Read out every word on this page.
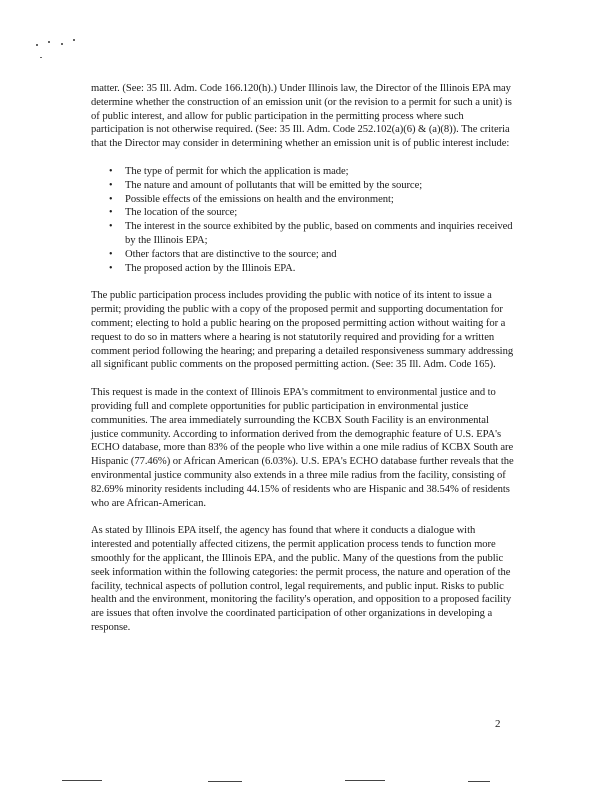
matter. (See: 35 Ill. Adm. Code 166.120(h).) Under Illinois law, the Director of the Illinois EPA may determine whether the construction of an emission unit (or the revision to a permit for such a unit) is of public interest, and allow for public participation in the permitting process where such participation is not otherwise required. (See: 35 Ill. Adm. Code 252.102(a)(6) & (a)(8)). The criteria that the Director may consider in determining whether an emission unit is of public interest include:

• The type of permit for which the application is made;
• The nature and amount of pollutants that will be emitted by the source;
• Possible effects of the emissions on health and the environment;
• The location of the source;
• The interest in the source exhibited by the public, based on comments and inquiries received by the Illinois EPA;
• Other factors that are distinctive to the source; and
• The proposed action by the Illinois EPA.

The public participation process includes providing the public with notice of its intent to issue a permit; providing the public with a copy of the proposed permit and supporting documentation for comment; electing to hold a public hearing on the proposed permitting action without waiting for a request to do so in matters where a hearing is not statutorily required and providing for a written comment period following the hearing; and preparing a detailed responsiveness summary addressing all significant public comments on the proposed permitting action. (See: 35 Ill. Adm. Code 165).

This request is made in the context of Illinois EPA's commitment to environmental justice and to providing full and complete opportunities for public participation in environmental justice communities. The area immediately surrounding the KCBX South Facility is an environmental justice community. According to information derived from the demographic feature of U.S. EPA's ECHO database, more than 83% of the people who live within a one mile radius of KCBX South are Hispanic (77.46%) or African American (6.03%). U.S. EPA's ECHO database further reveals that the environmental justice community also extends in a three mile radius from the facility, consisting of 82.69% minority residents including 44.15% of residents who are Hispanic and 38.54% of residents who are African-American.

As stated by Illinois EPA itself, the agency has found that where it conducts a dialogue with interested and potentially affected citizens, the permit application process tends to function more smoothly for the applicant, the Illinois EPA, and the public. Many of the questions from the public seek information within the following categories: the permit process, the nature and operation of the facility, technical aspects of pollution control, legal requirements, and public input. Risks to public health and the environment, monitoring the facility's operation, and opposition to a proposed facility are issues that often involve the coordinated participation of other organizations in developing a response.

2
